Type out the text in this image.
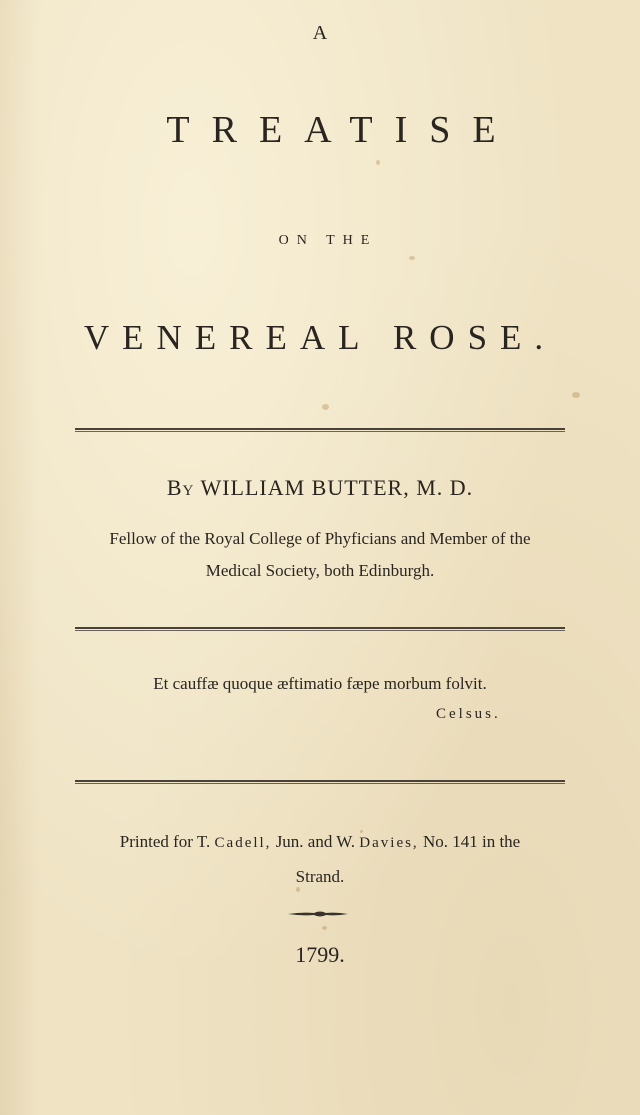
A
TREATISE
ON THE
VENEREAL ROSE.
By WILLIAM BUTTER, M. D.
Fellow of the Royal College of Phyficians and Member of the
Medical Society, both Edinburgh.
Et cauffæ quoque æftimatio fæpe morbum folvit.
Celsus.
Printed for T. Cadell, Jun. and W. Davies, No. 141 in the
Strand.
1799.
